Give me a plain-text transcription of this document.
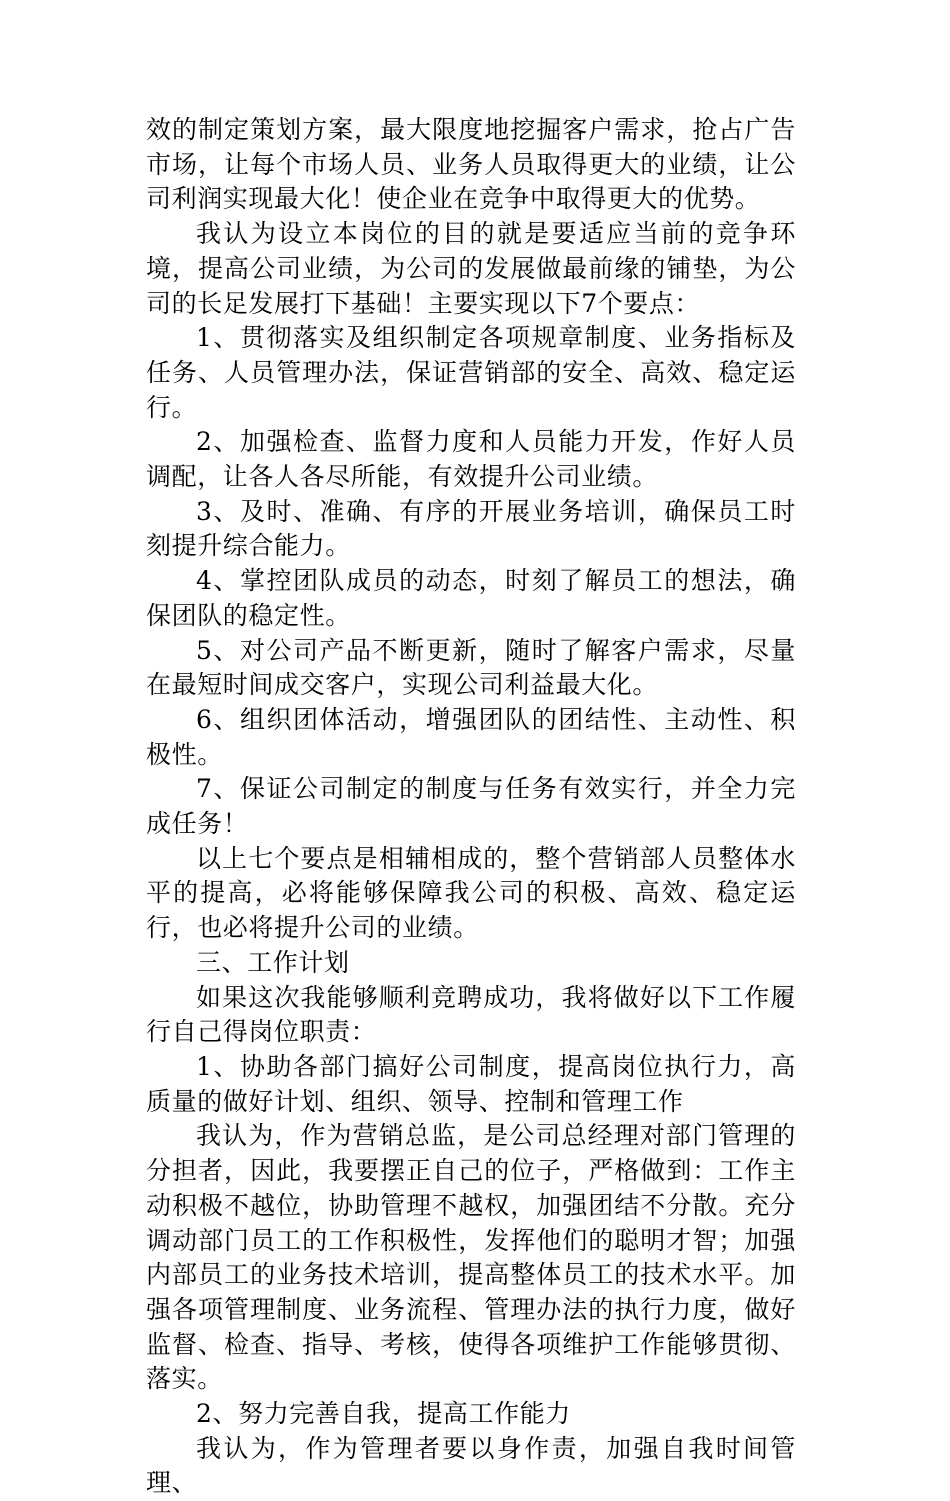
效的制定策划方案，最大限度地挖掘客户需求，抢占广告市场，让每个市场人员、业务人员取得更大的业绩，让公司利润实现最大化！使企业在竞争中取得更大的优势。

我认为设立本岗位的目的就是要适应当前的竞争环境，提高公司业绩，为公司的发展做最前缘的铺垫，为公司的长足发展打下基础！主要实现以下7个要点：

1、贯彻落实及组织制定各项规章制度、业务指标及任务、人员管理办法，保证营销部的安全、高效、稳定运行。

2、加强检查、监督力度和人员能力开发，作好人员调配，让各人各尽所能，有效提升公司业绩。

3、及时、准确、有序的开展业务培训，确保员工时刻提升综合能力。

4、掌控团队成员的动态，时刻了解员工的想法，确保团队的稳定性。

5、对公司产品不断更新，随时了解客户需求，尽量在最短时间成交客户，实现公司利益最大化。

6、组织团体活动，增强团队的团结性、主动性、积极性。

7、保证公司制定的制度与任务有效实行，并全力完成任务！

以上七个要点是相辅相成的，整个营销部人员整体水平的提高，必将能够保障我公司的积极、高效、稳定运行，也必将提升公司的业绩。

三、工作计划

如果这次我能够顺利竞聘成功，我将做好以下工作履行自己得岗位职责：

1、协助各部门搞好公司制度，提高岗位执行力，高质量的做好计划、组织、领导、控制和管理工作

我认为，作为营销总监，是公司总经理对部门管理的分担者，因此，我要摆正自己的位子，严格做到：工作主动积极不越位，协助管理不越权，加强团结不分散。充分调动部门员工的工作积极性，发挥他们的聪明才智；加强内部员工的业务技术培训，提高整体员工的技术水平。加强各项管理制度、业务流程、管理办法的执行力度，做好监督、检查、指导、考核，使得各项维护工作能够贯彻、落实。

2、努力完善自我，提高工作能力

我认为，作为管理者要以身作责，加强自我时间管理、
